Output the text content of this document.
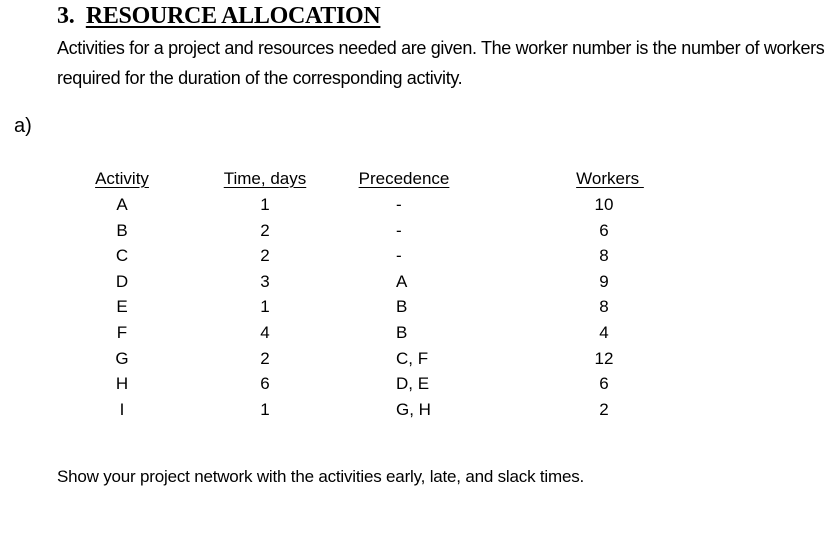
3. RESOURCE ALLOCATION
Activities for a project and resources needed are given. The worker number is the number of workers required for the duration of the corresponding activity.
a)
Activity
A
B
C
D
E
F
G
H
I
Time, days
1
2
2
3
1
4
2
6
1
Precedence
-
-
-
A
B
B
C, F
D, E
G, H
Workers
10
6
8
9
8
4
12
6
2
Show your project network with the activities early, late, and slack times.
